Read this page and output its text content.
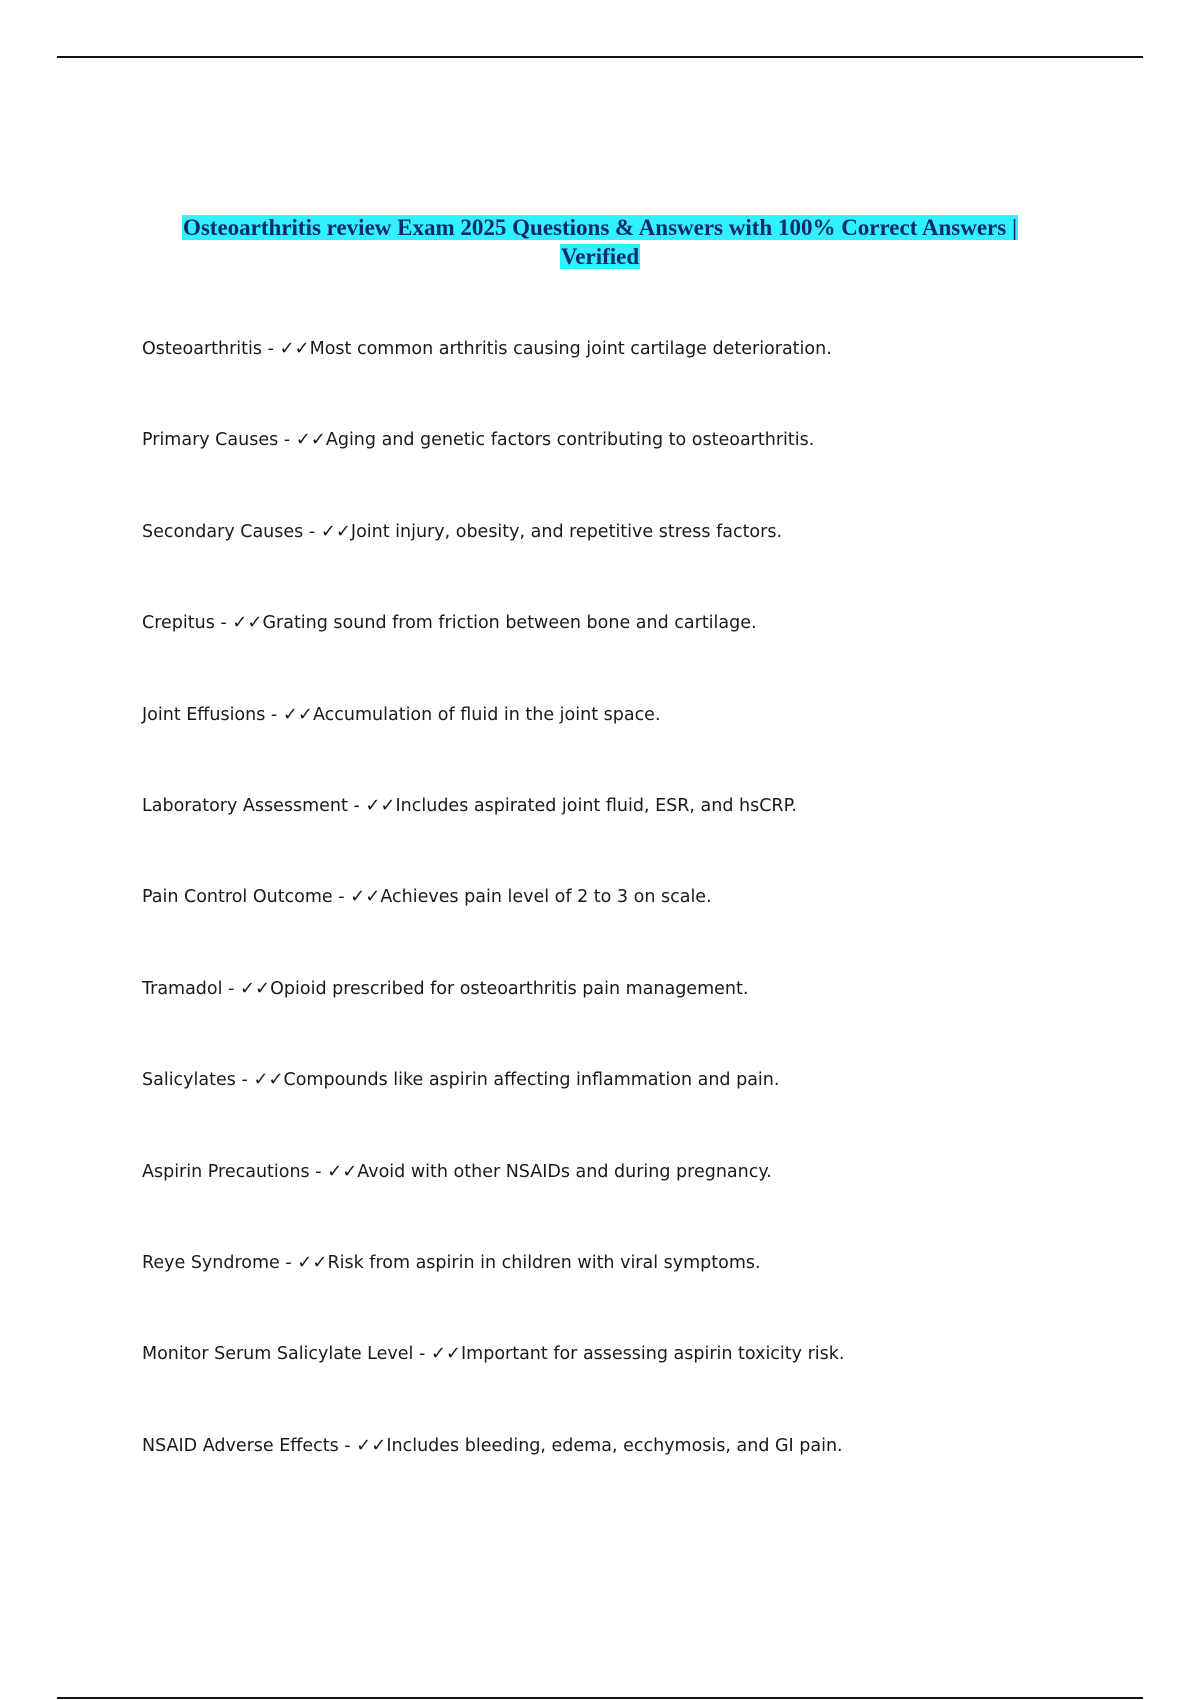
Osteoarthritis review Exam 2025 Questions & Answers with 100% Correct Answers |
Verified
Osteoarthritis - ✓✓Most common arthritis causing joint cartilage deterioration.
Primary Causes - ✓✓Aging and genetic factors contributing to osteoarthritis.
Secondary Causes - ✓✓Joint injury, obesity, and repetitive stress factors.
Crepitus - ✓✓Grating sound from friction between bone and cartilage.
Joint Effusions - ✓✓Accumulation of fluid in the joint space.
Laboratory Assessment - ✓✓Includes aspirated joint fluid, ESR, and hsCRP.
Pain Control Outcome - ✓✓Achieves pain level of 2 to 3 on scale.
Tramadol - ✓✓Opioid prescribed for osteoarthritis pain management.
Salicylates - ✓✓Compounds like aspirin affecting inflammation and pain.
Aspirin Precautions - ✓✓Avoid with other NSAIDs and during pregnancy.
Reye Syndrome - ✓✓Risk from aspirin in children with viral symptoms.
Monitor Serum Salicylate Level - ✓✓Important for assessing aspirin toxicity risk.
NSAID Adverse Effects - ✓✓Includes bleeding, edema, ecchymosis, and GI pain.
